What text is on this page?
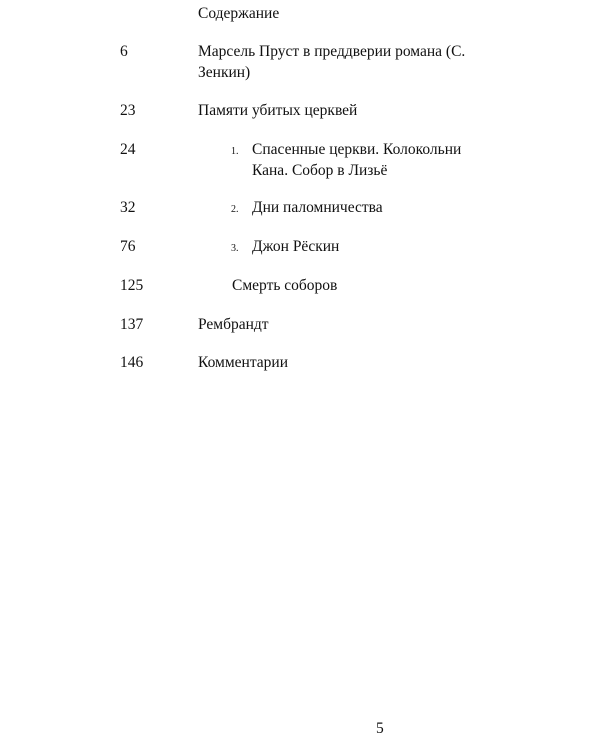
Содержание
6	Марсель Пруст в преддверии романа (С. Зенкин)
23	Памяти убитых церквей
24	1. Спасенные церкви. Колокольни Кана. Собор в Лизьё
32	2. Дни паломничества
76	3. Джон Рёскин
125	Смерть соборов
137	Рембрандт
146	Комментарии
5
